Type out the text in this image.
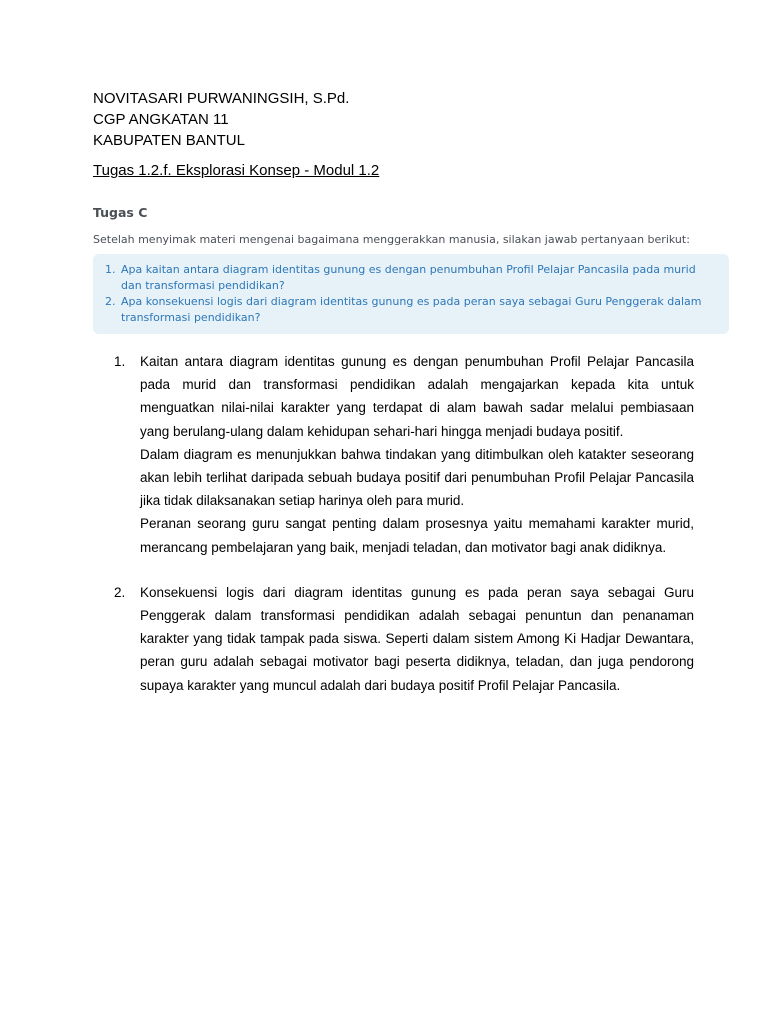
NOVITASARI PURWANINGSIH, S.Pd.
CGP ANGKATAN 11
KABUPATEN BANTUL
Tugas 1.2.f. Eksplorasi Konsep - Modul 1.2
Tugas C
Setelah menyimak materi mengenai bagaimana menggerakkan manusia, silakan jawab pertanyaan berikut:
1. Apa kaitan antara diagram identitas gunung es dengan penumbuhan Profil Pelajar Pancasila pada murid dan transformasi pendidikan?
2. Apa konsekuensi logis dari diagram identitas gunung es pada peran saya sebagai Guru Penggerak dalam transformasi pendidikan?
1.	Kaitan antara diagram identitas gunung es dengan penumbuhan Profil Pelajar Pancasila pada murid dan transformasi pendidikan adalah mengajarkan kepada kita untuk menguatkan nilai-nilai karakter yang terdapat di alam bawah sadar melalui pembiasaan yang berulang-ulang dalam kehidupan sehari-hari hingga menjadi budaya positif.

Dalam diagram es menunjukkan bahwa tindakan yang ditimbulkan oleh katakter seseorang akan lebih terlihat daripada sebuah budaya positif dari penumbuhan Profil Pelajar Pancasila jika tidak dilaksanakan setiap harinya oleh para murid.

Peranan seorang guru sangat penting dalam prosesnya yaitu memahami karakter murid, merancang pembelajaran yang baik, menjadi teladan, dan motivator bagi anak didiknya.

2.	Konsekuensi logis dari diagram identitas gunung es pada peran saya sebagai Guru Penggerak dalam transformasi pendidikan adalah sebagai penuntun dan penanaman karakter yang tidak tampak pada siswa. Seperti dalam sistem Among Ki Hadjar Dewantara, peran guru adalah sebagai motivator bagi peserta didiknya, teladan, dan juga pendorong supaya karakter yang muncul adalah dari budaya positif Profil Pelajar Pancasila.
